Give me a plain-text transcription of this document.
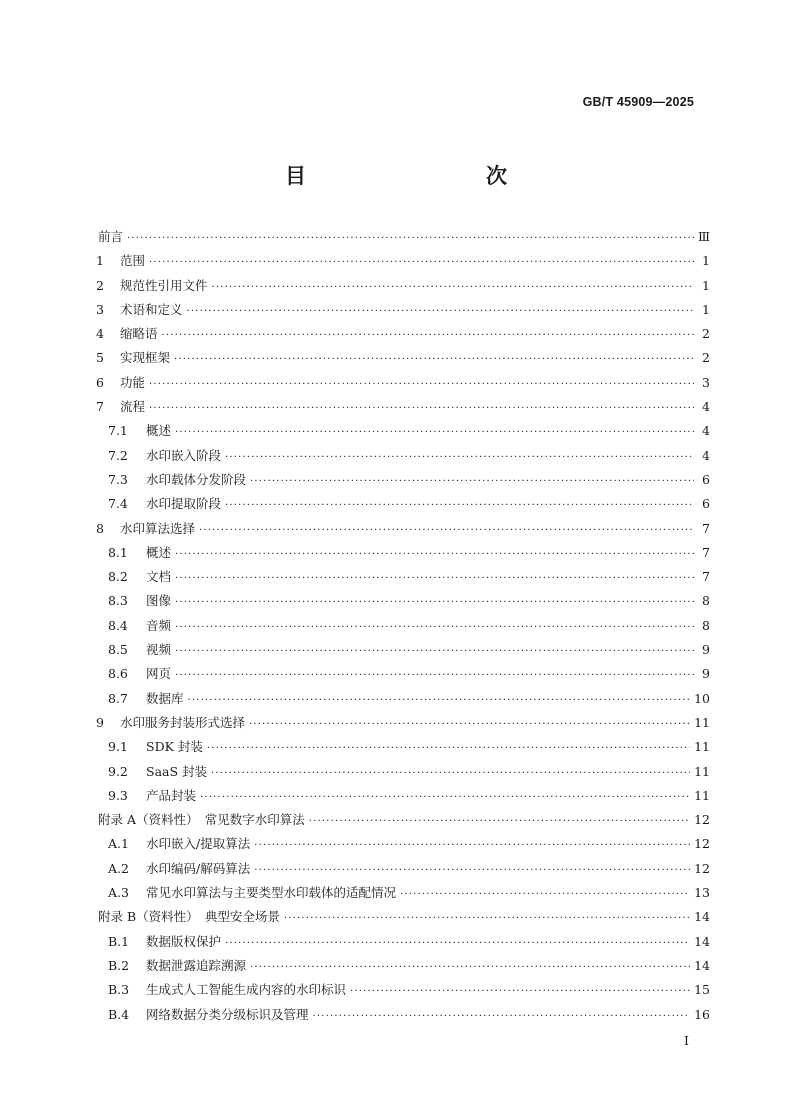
GB/T 45909—2025
目　　次
前言 ·····	Ⅲ
1	范围 ·····	1
2	规范性引用文件 ·····	1
3	术语和定义 ·····	1
4	缩略语 ·····	2
5	实现框架 ·····	2
6	功能 ·····	3
7	流程 ·····	4
7.1	概述 ·····	4
7.2	水印嵌入阶段 ·····	4
7.3	水印载体分发阶段 ·····	6
7.4	水印提取阶段 ·····	6
8	水印算法选择 ·····	7
8.1	概述 ·····	7
8.2	文档 ·····	7
8.3	图像 ·····	8
8.4	音频 ·····	8
8.5	视频 ·····	9
8.6	网页 ·····	9
8.7	数据库 ·····	10
9	水印服务封装形式选择 ·····	11
9.1	SDK 封装 ·····	11
9.2	SaaS 封装 ·····	11
9.3	产品封装 ·····	11
附录 A（资料性）　常见数字水印算法 ·····	12
A.1	水印嵌入/提取算法 ·····	12
A.2	水印编码/解码算法 ·····	12
A.3	常见水印算法与主要类型水印载体的适配情况 ·····	13
附录 B（资料性）　典型安全场景 ·····	14
B.1	数据版权保护 ·····	14
B.2	数据泄露追踪溯源 ·····	14
B.3	生成式人工智能生成内容的水印标识 ·····	15
B.4	网络数据分类分级标识及管理 ·····	16
I
